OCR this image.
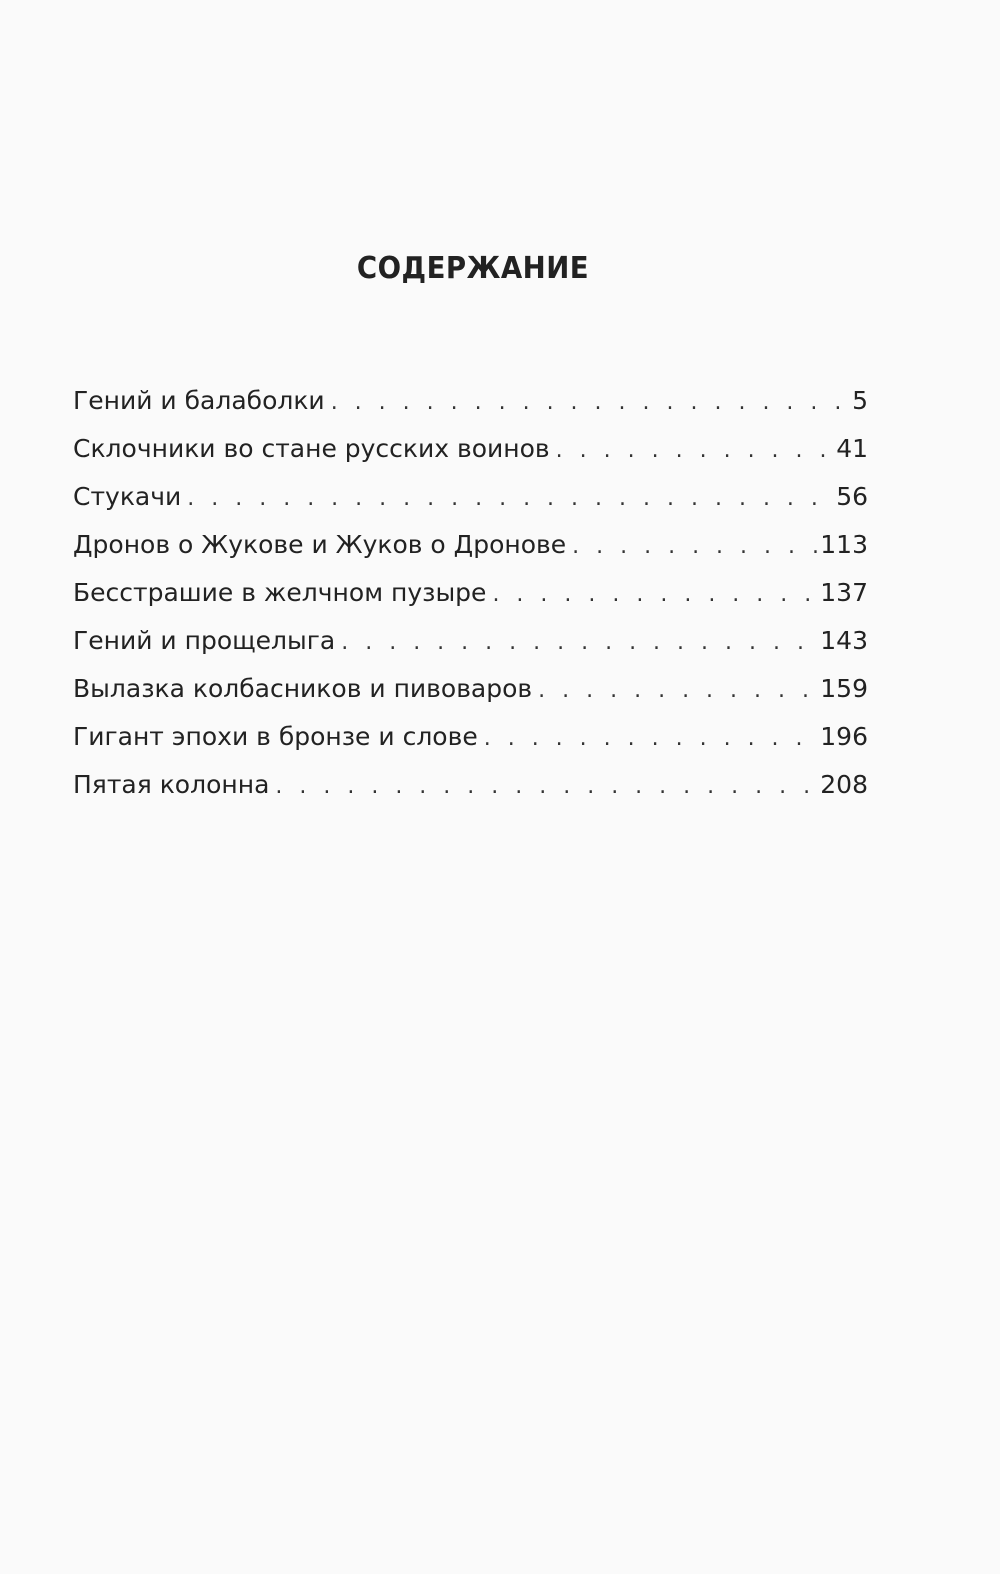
СОДЕРЖАНИЕ
Гений и балаболки . . .	5
Склочники во стане русских воинов . . .	41
Стукачи . . .	56
Дронов о Жукове и Жуков о Дронове . . .	113
Бесстрашие в желчном пузыре . . .	137
Гений и прощелыга . . .	143
Вылазка колбасников и пивоваров . . .	159
Гигант эпохи в бронзе и слове . . .	196
Пятая колонна . . .	208
